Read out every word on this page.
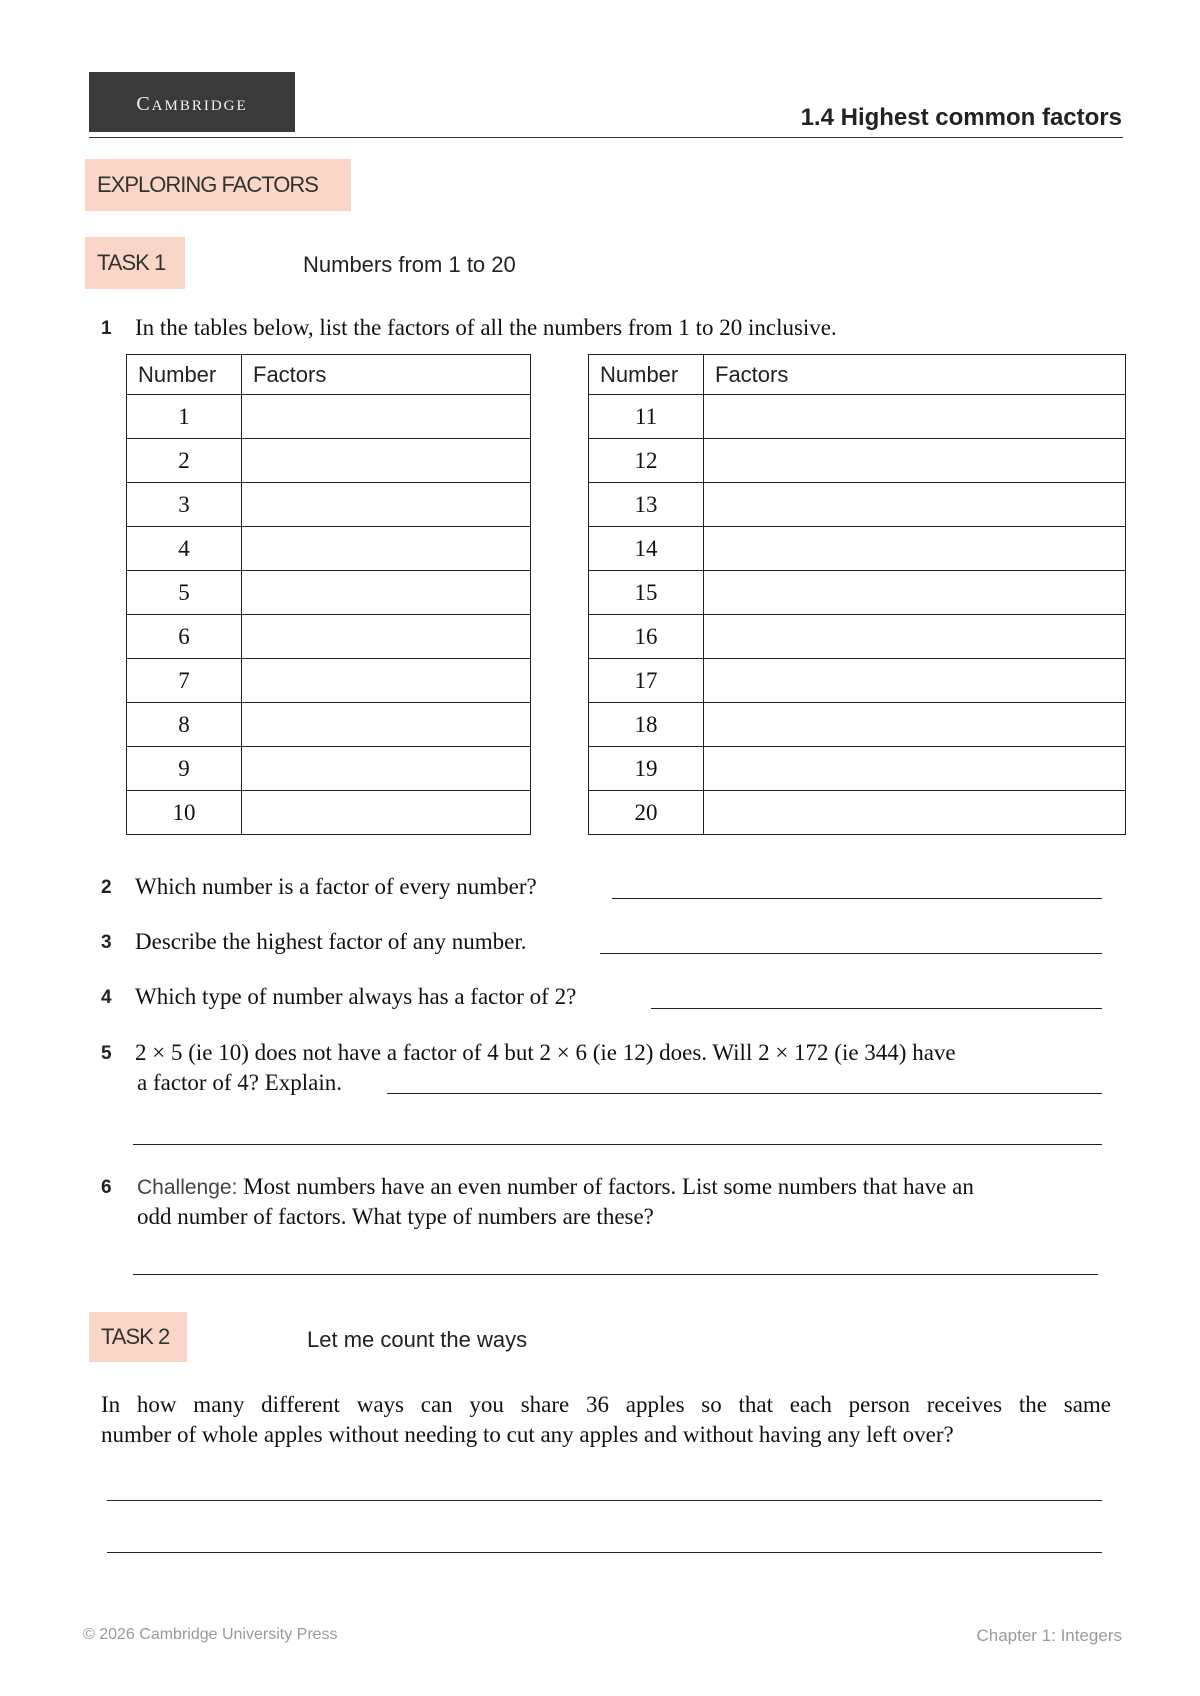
cambridge
1.4 Highest common factors
EXPLORING FACTORS
TASK 1	Numbers from 1 to 20
1 In the tables below, list the factors of all the numbers from 1 to 20 inclusive.
Number	Factors
1	
2	
3	
4	
5	
6	
7	
8	
9	
10	
Number	Factors
11	
12	
13	
14	
15	
16	
17	
18	
19	
20	
2 Which number is a factor of every number?
3 Describe the highest factor of any number.
4 Which type of number always has a factor of 2?
5 2 × 5 (ie 10) does not have a factor of 4 but 2 × 6 (ie 12) does. Will 2 × 172 (ie 344) have
a factor of 4? Explain.
6 Challenge: Most numbers have an even number of factors. List some numbers that have an
odd number of factors. What type of numbers are these?
TASK 2	Let me count the ways
In how many different ways can you share 36 apples so that each person receives the same
number of whole apples without needing to cut any apples and without having any left over?
© 2026 Cambridge University Press	Chapter 1: Integers
